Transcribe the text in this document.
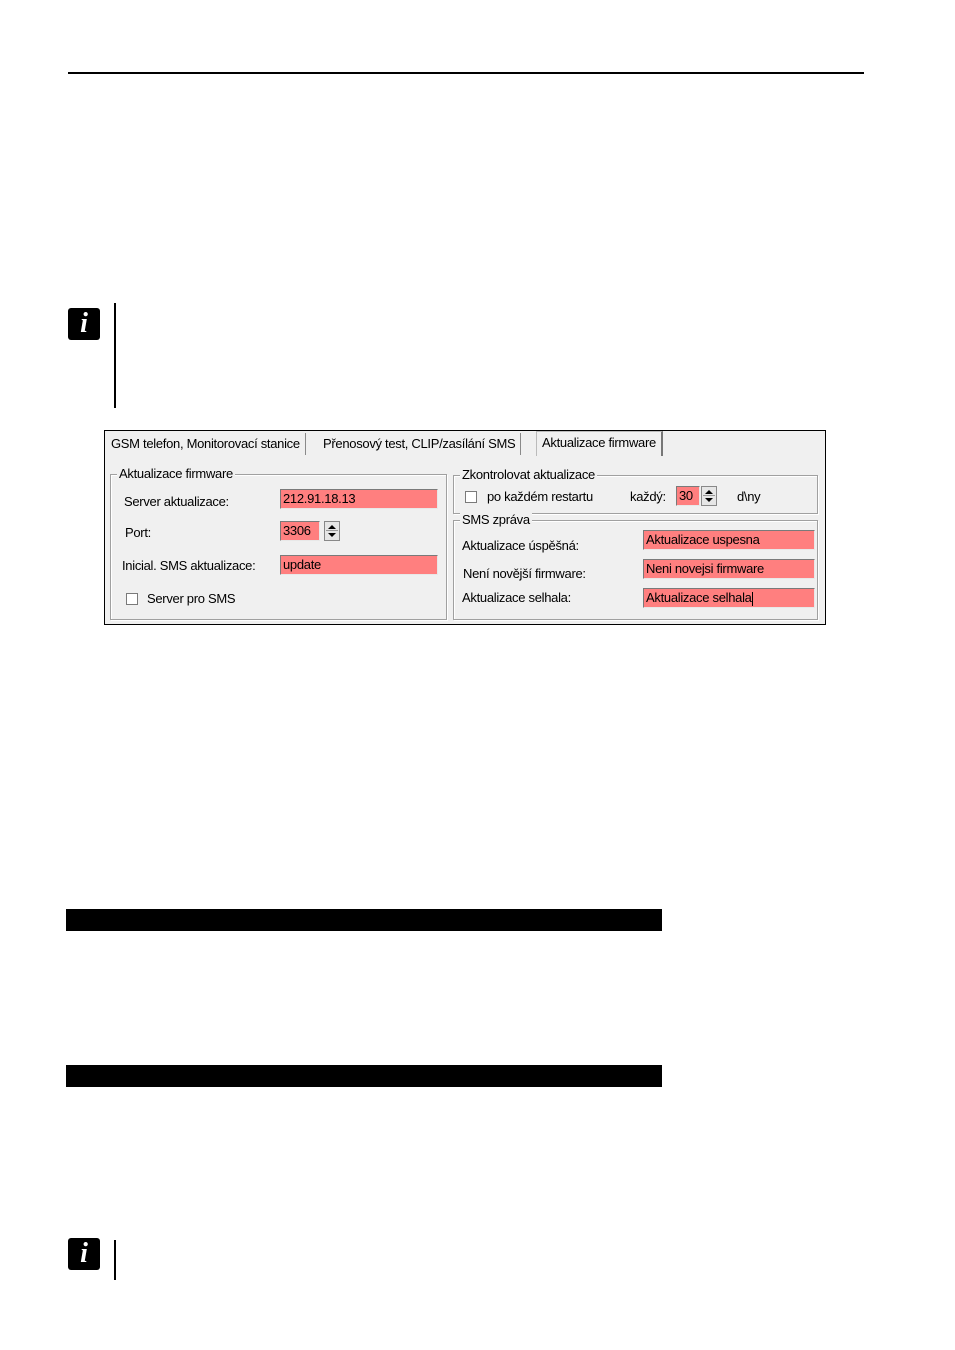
i
GSM telefon, Monitorovací stanice	Přenosový test, CLIP/zasílání SMS	Aktualizace firmware
Aktualizace firmware
Server aktualizace:	212.91.18.13
Port:	3306
Inicial. SMS aktualizace: update
Server pro SMS
Zkontrolovat aktualizace
po každém restartu	každý: 30	d\ny
SMS zpráva
Aktualizace úspěšná:	Aktualizace uspesna
Není novější firmware:	Neni novejsi firmware
Aktualizace selhala:	Aktualizace selhala
i
